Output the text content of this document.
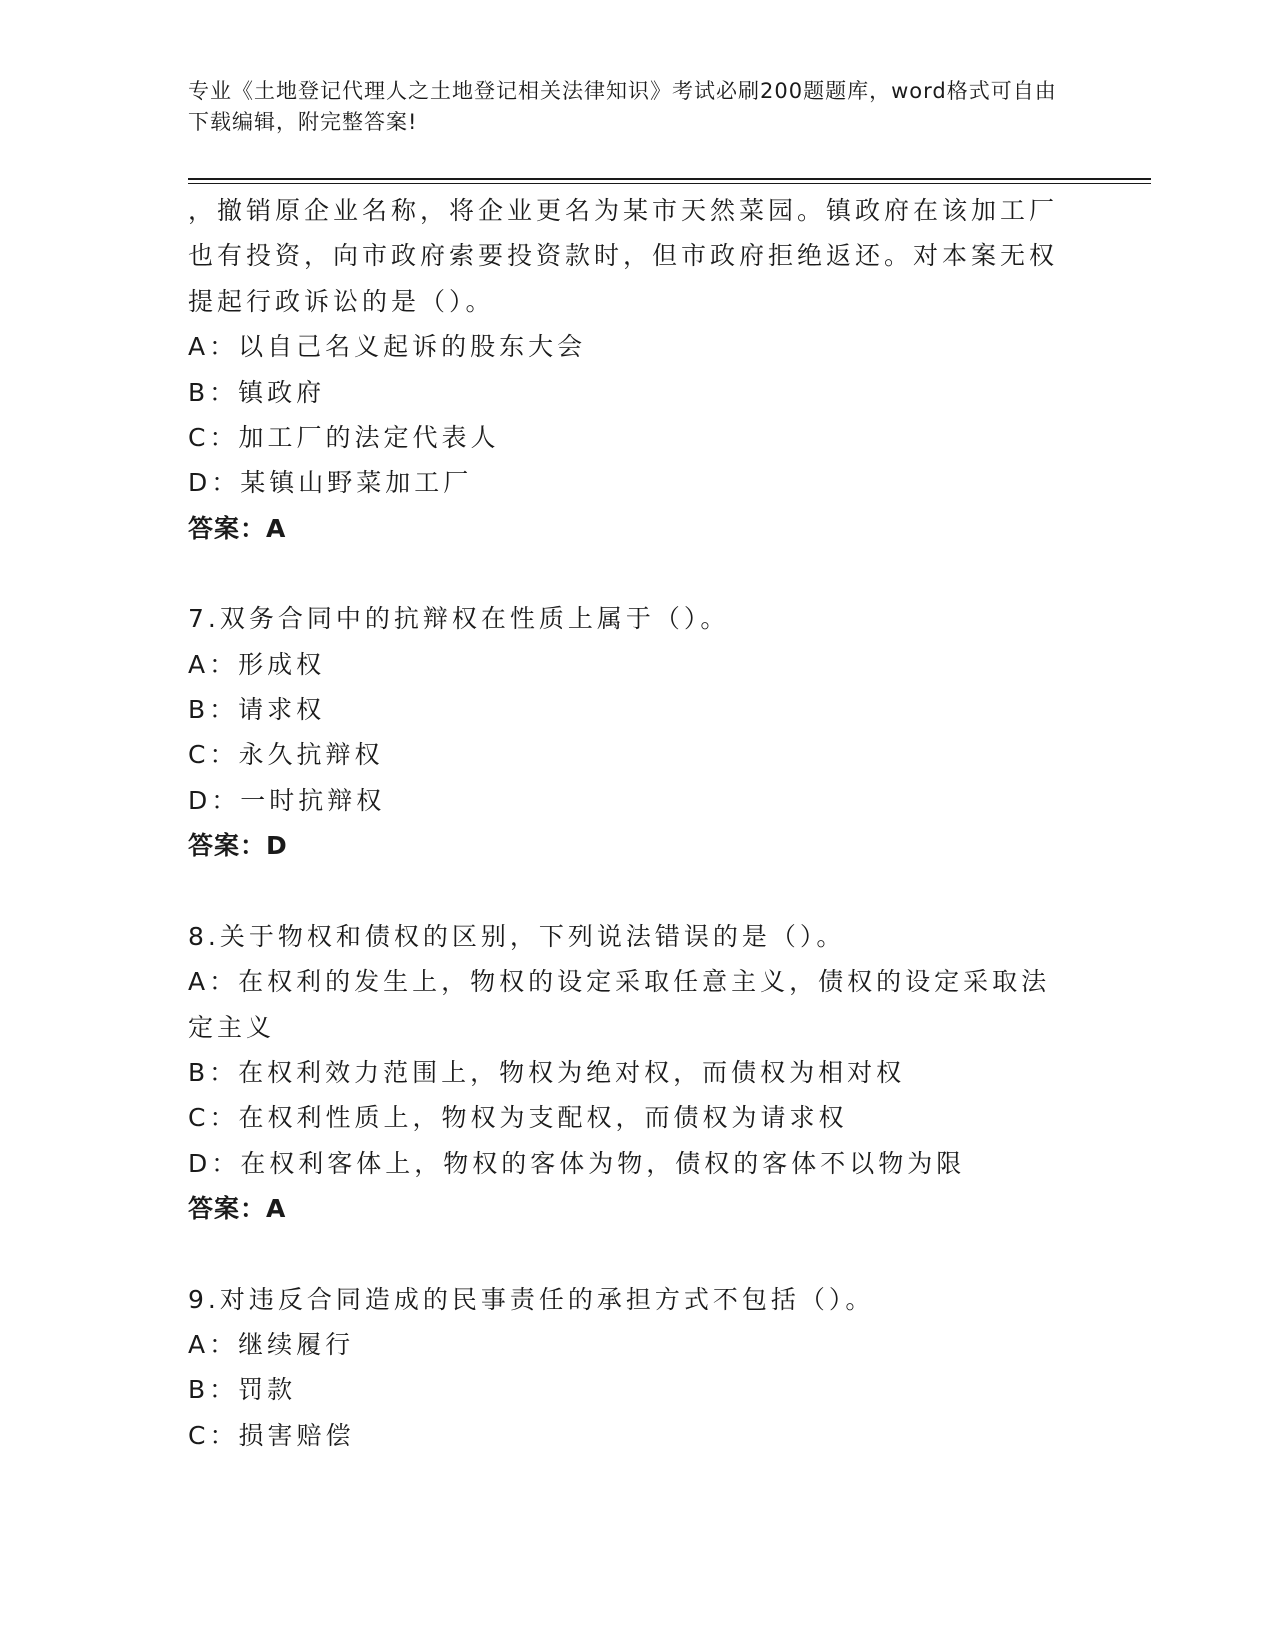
专业《土地登记代理人之土地登记相关法律知识》考试必刷200题题库，word格式可自由下载编辑，附完整答案!
，撤销原企业名称，将企业更名为某市天然菜园。镇政府在该加工厂
也有投资，向市政府索要投资款时，但市政府拒绝返还。对本案无权
提起行政诉讼的是（）。
A：以自己名义起诉的股东大会
B：镇政府
C：加工厂的法定代表人
D：某镇山野菜加工厂
答案：A
7.双务合同中的抗辩权在性质上属于（）。
A：形成权
B：请求权
C：永久抗辩权
D：一时抗辩权
答案：D
8.关于物权和债权的区别，下列说法错误的是（）。
A：在权利的发生上，物权的设定采取任意主义，债权的设定采取法定主义
B：在权利效力范围上，物权为绝对权，而债权为相对权
C：在权利性质上，物权为支配权，而债权为请求权
D：在权利客体上，物权的客体为物，债权的客体不以物为限
答案：A
9.对违反合同造成的民事责任的承担方式不包括（）。
A：继续履行
B：罚款
C：损害赔偿
